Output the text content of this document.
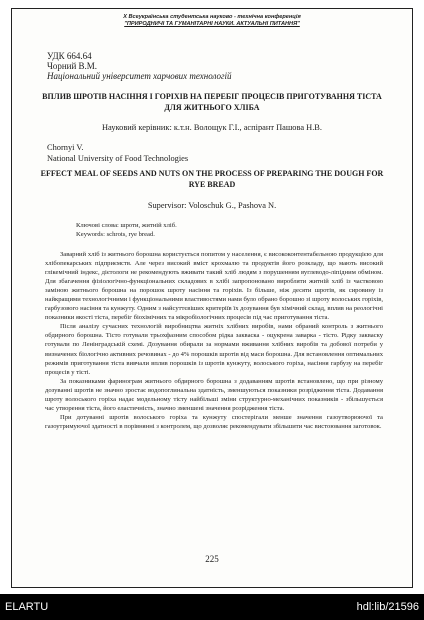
X Всеукраїнська студентська науково - технічна конференція
"ПРИРОДНИЧІ ТА ГУМАНІТАРНІ НАУКИ. АКТУАЛЬНІ ПИТАННЯ"
УДК 664.64
Чорний В.М.
Національний університет харчових технологій
ВПЛИВ ШРОТІВ НАСІННЯ І ГОРІХІВ НА ПЕРЕБІГ ПРОЦЕСІВ ПРИГОТУВАННЯ ТІСТА ДЛЯ ЖИТНЬОГО ХЛІБА
Науковий керівник: к.т.н. Волощук Г.І., аспірант Пашова Н.В.
Chornyi V.
National University of Food Technologies
EFFECT MEAL OF SEEDS AND NUTS ON THE PROCESS OF PREPARING THE DOUGH FOR RYE BREAD
Supervisor: Voloschuk G., Pashova N.
Ключові слова: шроти, житній хліб.
Keywords: schrots, rye bread.

Заварний хліб із житнього борошна користується попитом у населення, є висококонтентабельною продукцією для хлібопекарських підприємств. Але через високий вміст крохмалю та продуктів його розкладу, що мають високий глікемічний індекс, дієтологи не рекомендують вживати такий хліб людям з порушенням вуглеводо-ліпідним обміном. Для збагачення фізіологічно-функціональних складових в хлібі запропоновано виробляти житній хліб із частковою заміною житнього борошна на порошок шроту насіння та горіхів. Із більше, ніж десяти шротів, як сировину із найкращими технологічними і функціональними властивостями нами було обрано борошно зі шроту волоських горіхів, гарбузового насіння та кунжуту. Одним з найсуттєвіших критеріїв їх дозування був хімічний склад, вплив на реологічні показники якості тіста, перебіг біохімічних та мікробіологічних процесів під час приготування тіста.

Після аналізу сучасних технологій виробництва житніх хлібних виробів, нами обраний контроль з житнього обдирного борошна. Тісто готували трьохфазним способом рідка закваска - оцукрена заварка - тісто. Рідку закваску готували по Ленінградській схемі. Дозування обирали за нормами вживання хлібних виробів та добової потреби у визначених біологічно активних речовинах - до 4% порошків шротів від маси борошна. Для встановлення оптимальних режимів приготування тіста вивчали вплив порошків із шротів кунжуту, волоського горіха, насіння гарбузу на перебіг процесів у тісті.

За показниками фаринограм житнього обдирного борошна з додаванням шротів встановлено, що при різному дозуванні шротів не значно зростає водопоглинальна здатність, зменшуються показники розрідження тіста. Додавання шроту волоського горіха надає модельному тісту найбільші зміни структурно-механічних показників - збільшується час утворення тіста, його еластичність, значно зменшені значення розрідження тіста.

При дотуванні шротів волоського горіха та кунжуту спостерігали менше значення газоутворюючої та газоутримуючої здатності в порівнянні з контролем, що дозволяє рекомендувати збільшити час вистоювання заготовок.

225
ELARTU	hdl:lib/21596
